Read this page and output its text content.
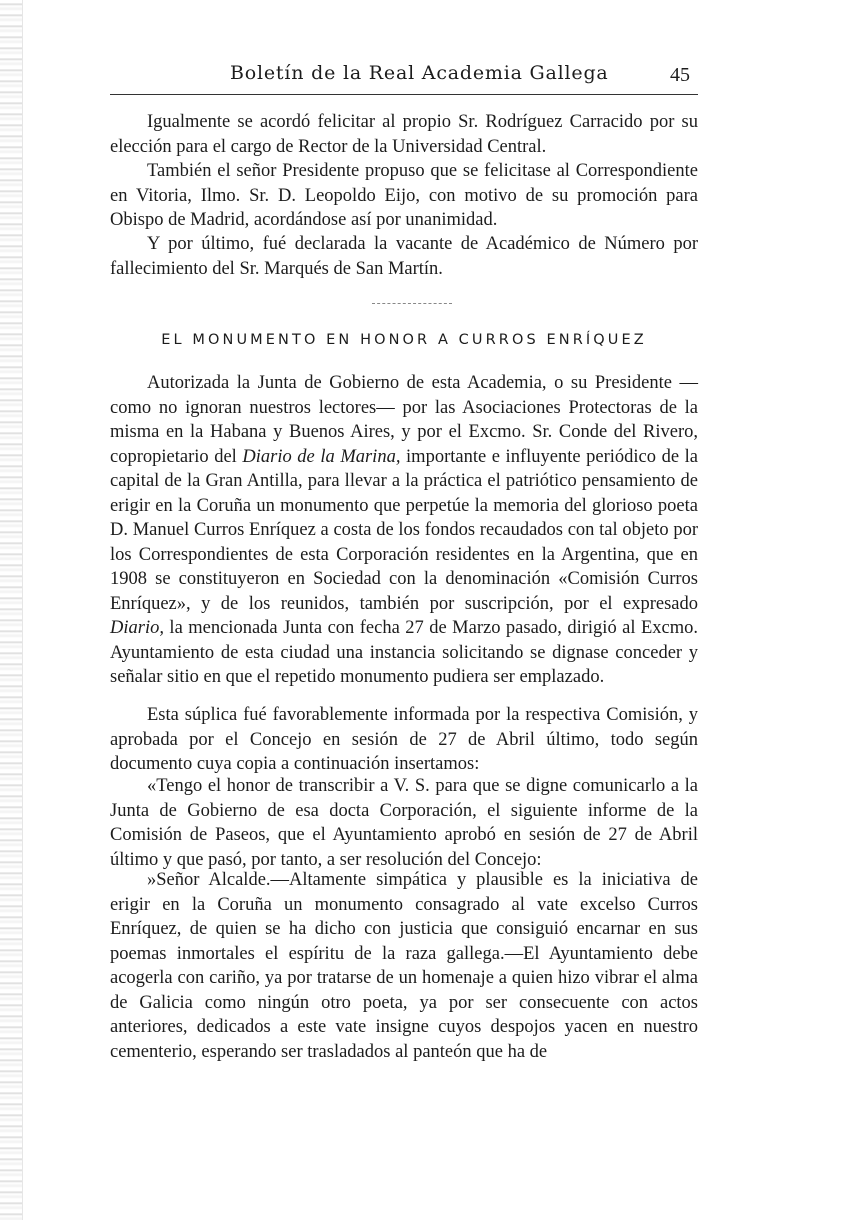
Boletín de la Real Academia Gallega	45

Igualmente se acordó felicitar al propio Sr. Rodríguez Carracido por su elección para el cargo de Rector de la Universidad Central.

También el señor Presidente propuso que se felicitase al Correspondiente en Vitoria, Ilmo. Sr. D. Leopoldo Eijo, con motivo de su promoción para Obispo de Madrid, acordándose así por unanimidad.

Y por último, fué declarada la vacante de Académico de Número por fallecimiento del Sr. Marqués de San Martín.

EL MONUMENTO EN HONOR A CURROS ENRÍQUEZ

Autorizada la Junta de Gobierno de esta Academia, o su Presidente —como no ignoran nuestros lectores— por las Asociaciones Protectoras de la misma en la Habana y Buenos Aires, y por el Excmo. Sr. Conde del Rivero, copropietario del Diario de la Marina, importante e influyente periódico de la capital de la Gran Antilla, para llevar a la práctica el patriótico pensamiento de erigir en la Coruña un monumento que perpetúe la memoria del glorioso poeta D. Manuel Curros Enríquez a costa de los fondos recaudados con tal objeto por los Correspondientes de esta Corporación residentes en la Argentina, que en 1908 se constituyeron en Sociedad con la denominación «Comisión Curros Enríquez», y de los reunidos, también por suscripción, por el expresado Diario, la mencionada Junta con fecha 27 de Marzo pasado, dirigió al Excmo. Ayuntamiento de esta ciudad una instancia solicitando se dignase conceder y señalar sitio en que el repetido monumento pudiera ser emplazado.

Esta súplica fué favorablemente informada por la respectiva Comisión, y aprobada por el Concejo en sesión de 27 de Abril último, todo según documento cuya copia a continuación insertamos:

«Tengo el honor de transcribir a V. S. para que se digne comunicarlo a la Junta de Gobierno de esa docta Corporación, el siguiente informe de la Comisión de Paseos, que el Ayuntamiento aprobó en sesión de 27 de Abril último y que pasó, por tanto, a ser resolución del Concejo:

»Señor Alcalde.—Altamente simpática y plausible es la iniciativa de erigir en la Coruña un monumento consagrado al vate excelso Curros Enríquez, de quien se ha dicho con justicia que consiguió encarnar en sus poemas inmortales el espíritu de la raza gallega.—El Ayuntamiento debe acogerla con cariño, ya por tratarse de un homenaje a quien hizo vibrar el alma de Galicia como ningún otro poeta, ya por ser consecuente con actos anteriores, dedicados a este vate insigne cuyos despojos yacen en nuestro cementerio, esperando ser trasladados al panteón que ha de
